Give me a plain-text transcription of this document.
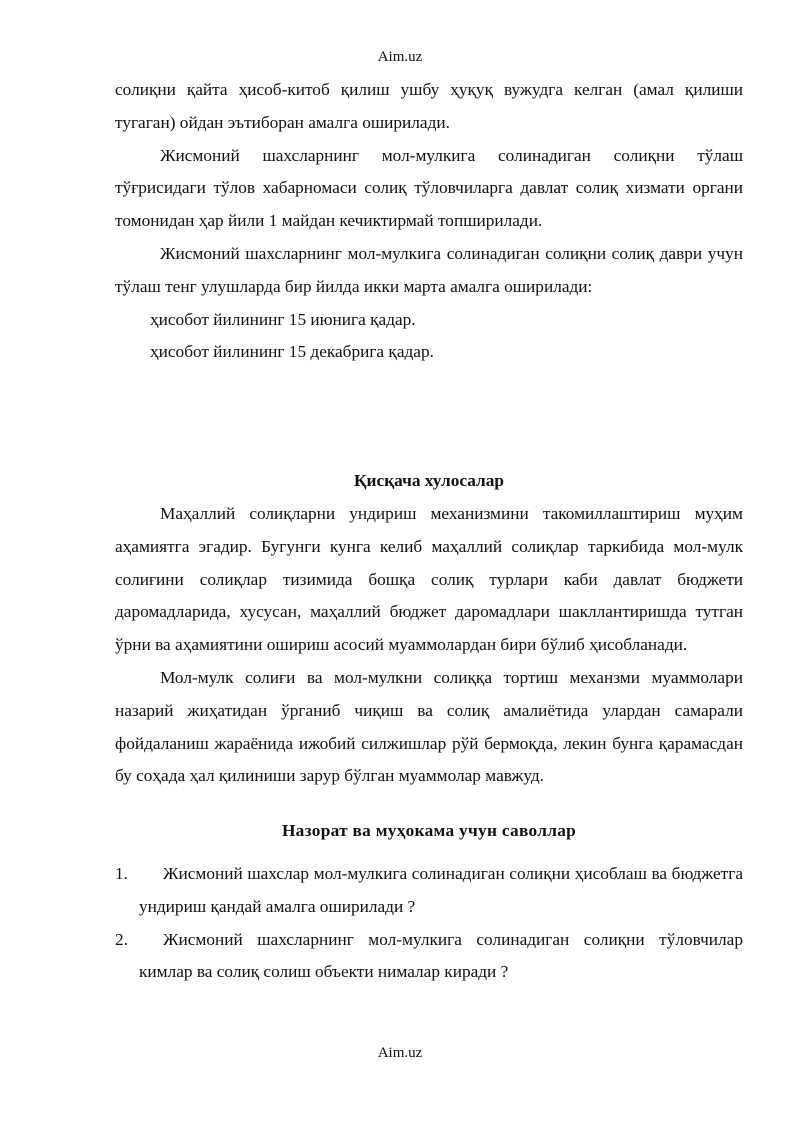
Aim.uz

солиқни қайта ҳисоб-китоб қилиш ушбу ҳуқуқ вужудга келган (амал қилиши тугаган) ойдан эътиборан амалга оширилади.

Жисмоний шахсларнинг мол-мулкига солинадиган солиқни тўлаш тўғрисидаги тўлов хабарномаси солиқ тўловчиларга давлат солиқ хизмати органи томонидан ҳар йили 1 майдан кечиктирмай топширилади.

Жисмоний шахсларнинг мол-мулкига солинадиган солиқни солиқ даври учун тўлаш тенг улушларда бир йилда икки марта амалга оширилади:

ҳисобот йилининг 15 июнига қадар.

ҳисобот йилининг 15 декабрига қадар.

Қисқача хулосалар

Маҳаллий солиқларни ундириш механизмини такомиллаштириш муҳим аҳамиятга эгадир. Бугунги кунга келиб маҳаллий солиқлар таркибида мол-мулк солиғини солиқлар тизимида бошқа солиқ турлари каби давлат бюджети даромадларида, хусусан, маҳаллий бюджет даромадлари шакллантиришда тутган ўрни ва аҳамиятини ошириш асосий муаммолардан бири бўлиб ҳисобланади.

Мол-мулк солиғи ва мол-мулкни солиққа тортиш механзми муаммолари назарий жиҳатидан ўрганиб чиқиш ва солиқ амалиётида улардан самарали фойдаланиш жараёнида ижобий силжишлар рўй бермоқда, лекин бунга қарамасдан бу соҳада ҳал қилиниши зарур бўлган муаммолар мавжуд.

Назорат ва муҳокама учун саволлар

1.	Жисмоний шахслар мол-мулкига солинадиган солиқни ҳисоблаш ва бюджетга ундириш қандай амалга оширилади ?
2.	Жисмоний шахсларнинг мол-мулкига солинадиган солиқни тўловчилар кимлар ва солиқ солиш объекти нималар киради ?
Aim.uz
